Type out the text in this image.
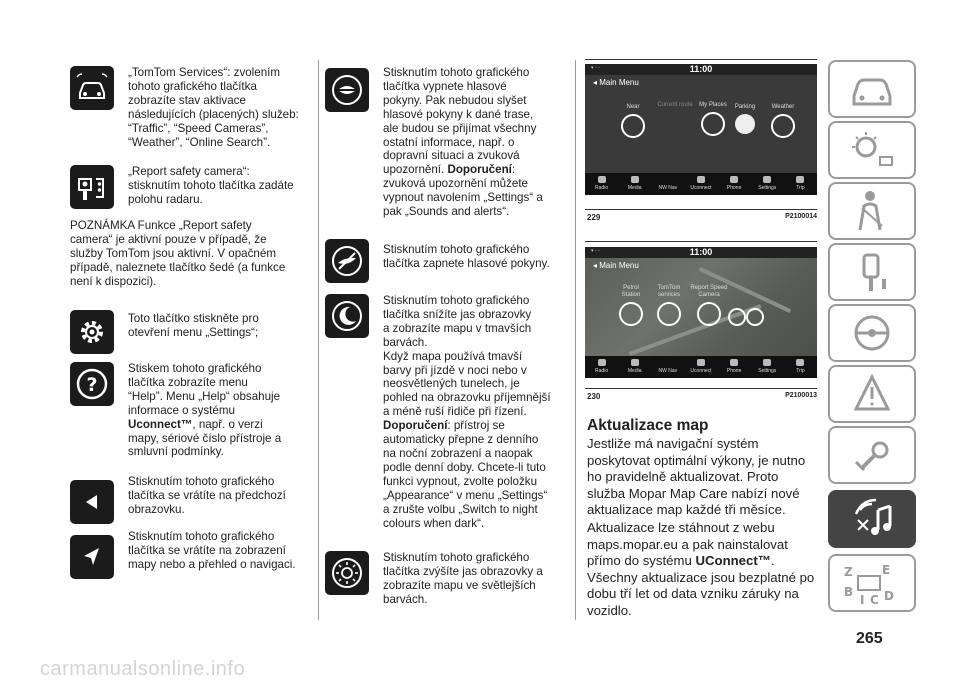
„TomTom Services“: zvolením
tohoto grafického tlačítka
zobrazíte stav aktivace
následujících (placených) služeb:
“Traffic”, “Speed Cameras”,
“Weather”, “Online Search”.
„Report safety camera“:
stisknutím tohoto tlačítka zadáte
polohu radaru.
POZNÁMKA Funkce „Report safety
camera“ je aktivní pouze v případě, že
služby TomTom jsou aktivní. V opačném
případě, naleznete tlačítko šedé (a funkce
není k dispozici).
Toto tlačítko stiskněte pro
otevření menu „Settings“;
?
Stiskem tohoto grafického
tlačítka zobrazíte menu
“Help”. Menu „Help“ obsahuje
informace o systému
Uconnect™, např. o verzi
mapy, sériové číslo přístroje a
smluvní podmínky.
Stisknutím tohoto grafického
tlačítka se vrátíte na předchozí
obrazovku.
Stisknutím tohoto grafického
tlačítka se vrátíte na zobrazení
mapy nebo a přehled o navigaci.
Stisknutím tohoto grafického
tlačítka vypnete hlasové
pokyny. Pak nebudou slyšet
hlasové pokyny k dané trase,
ale budou se přijímat všechny
ostatní informace, např. o
dopravní situaci a zvuková
upozornění. Doporučení:
zvuková upozornění můžete
vypnout navolením „Settings“ a
pak „Sounds and alerts“.
Stisknutím tohoto grafického
tlačítka zapnete hlasové pokyny.
Stisknutím tohoto grafického
tlačítka snížíte jas obrazovky
a zobrazíte mapu v tmavších
barvách.
Když mapa používá tmavší
barvy při jízdě v noci nebo v
neosvětlených tunelech, je
pohled na obrazovku příjemnější
a méně ruší řidiče při řízení.
Doporučení: přístroj se
automaticky přepne z denního
na noční zobrazení a naopak
podle denní doby. Chcete-li tuto
funkci vypnout, zvolte položku
„Appearance“ v menu „Settings“
a zrušte volbu „Switch to night
colours when dark“.
Stisknutím tohoto grafického
tlačítka zvýšíte jas obrazovky a
zobrazíte mapu ve světlejších
barvách.
▾ ◦ ◦	11:00
◂ Main Menu
Near	Current route	My Places	Parking	Weather
Radio	Media	NW Nav	Uconnect	Phone	Settings	Trip
229	P2100014
▾ ◦ ◦	11:00
◂ Main Menu
Petrol Station
TomTom services
Report Speed Camera
Radio	Media	NW Nav	Uconnect	Phone	Settings	Trip
230	P2100013
Aktualizace map
Jestliže má navigační systém
poskytovat optimální výkony, je nutno
ho pravidelně aktualizovat. Proto
služba Mopar Map Care nabízí nové
aktualizace map každé tři měsíce.
Aktualizace lze stáhnout z webu
maps.mopar.eu a pak nainstalovat
přímo do systému UConnect™.
Všechny aktualizace jsou bezplatné po
dobu tří let od data vzniku záruky na
vozidlo.
Z E
B
I C D
265
carmanualsonline.info
